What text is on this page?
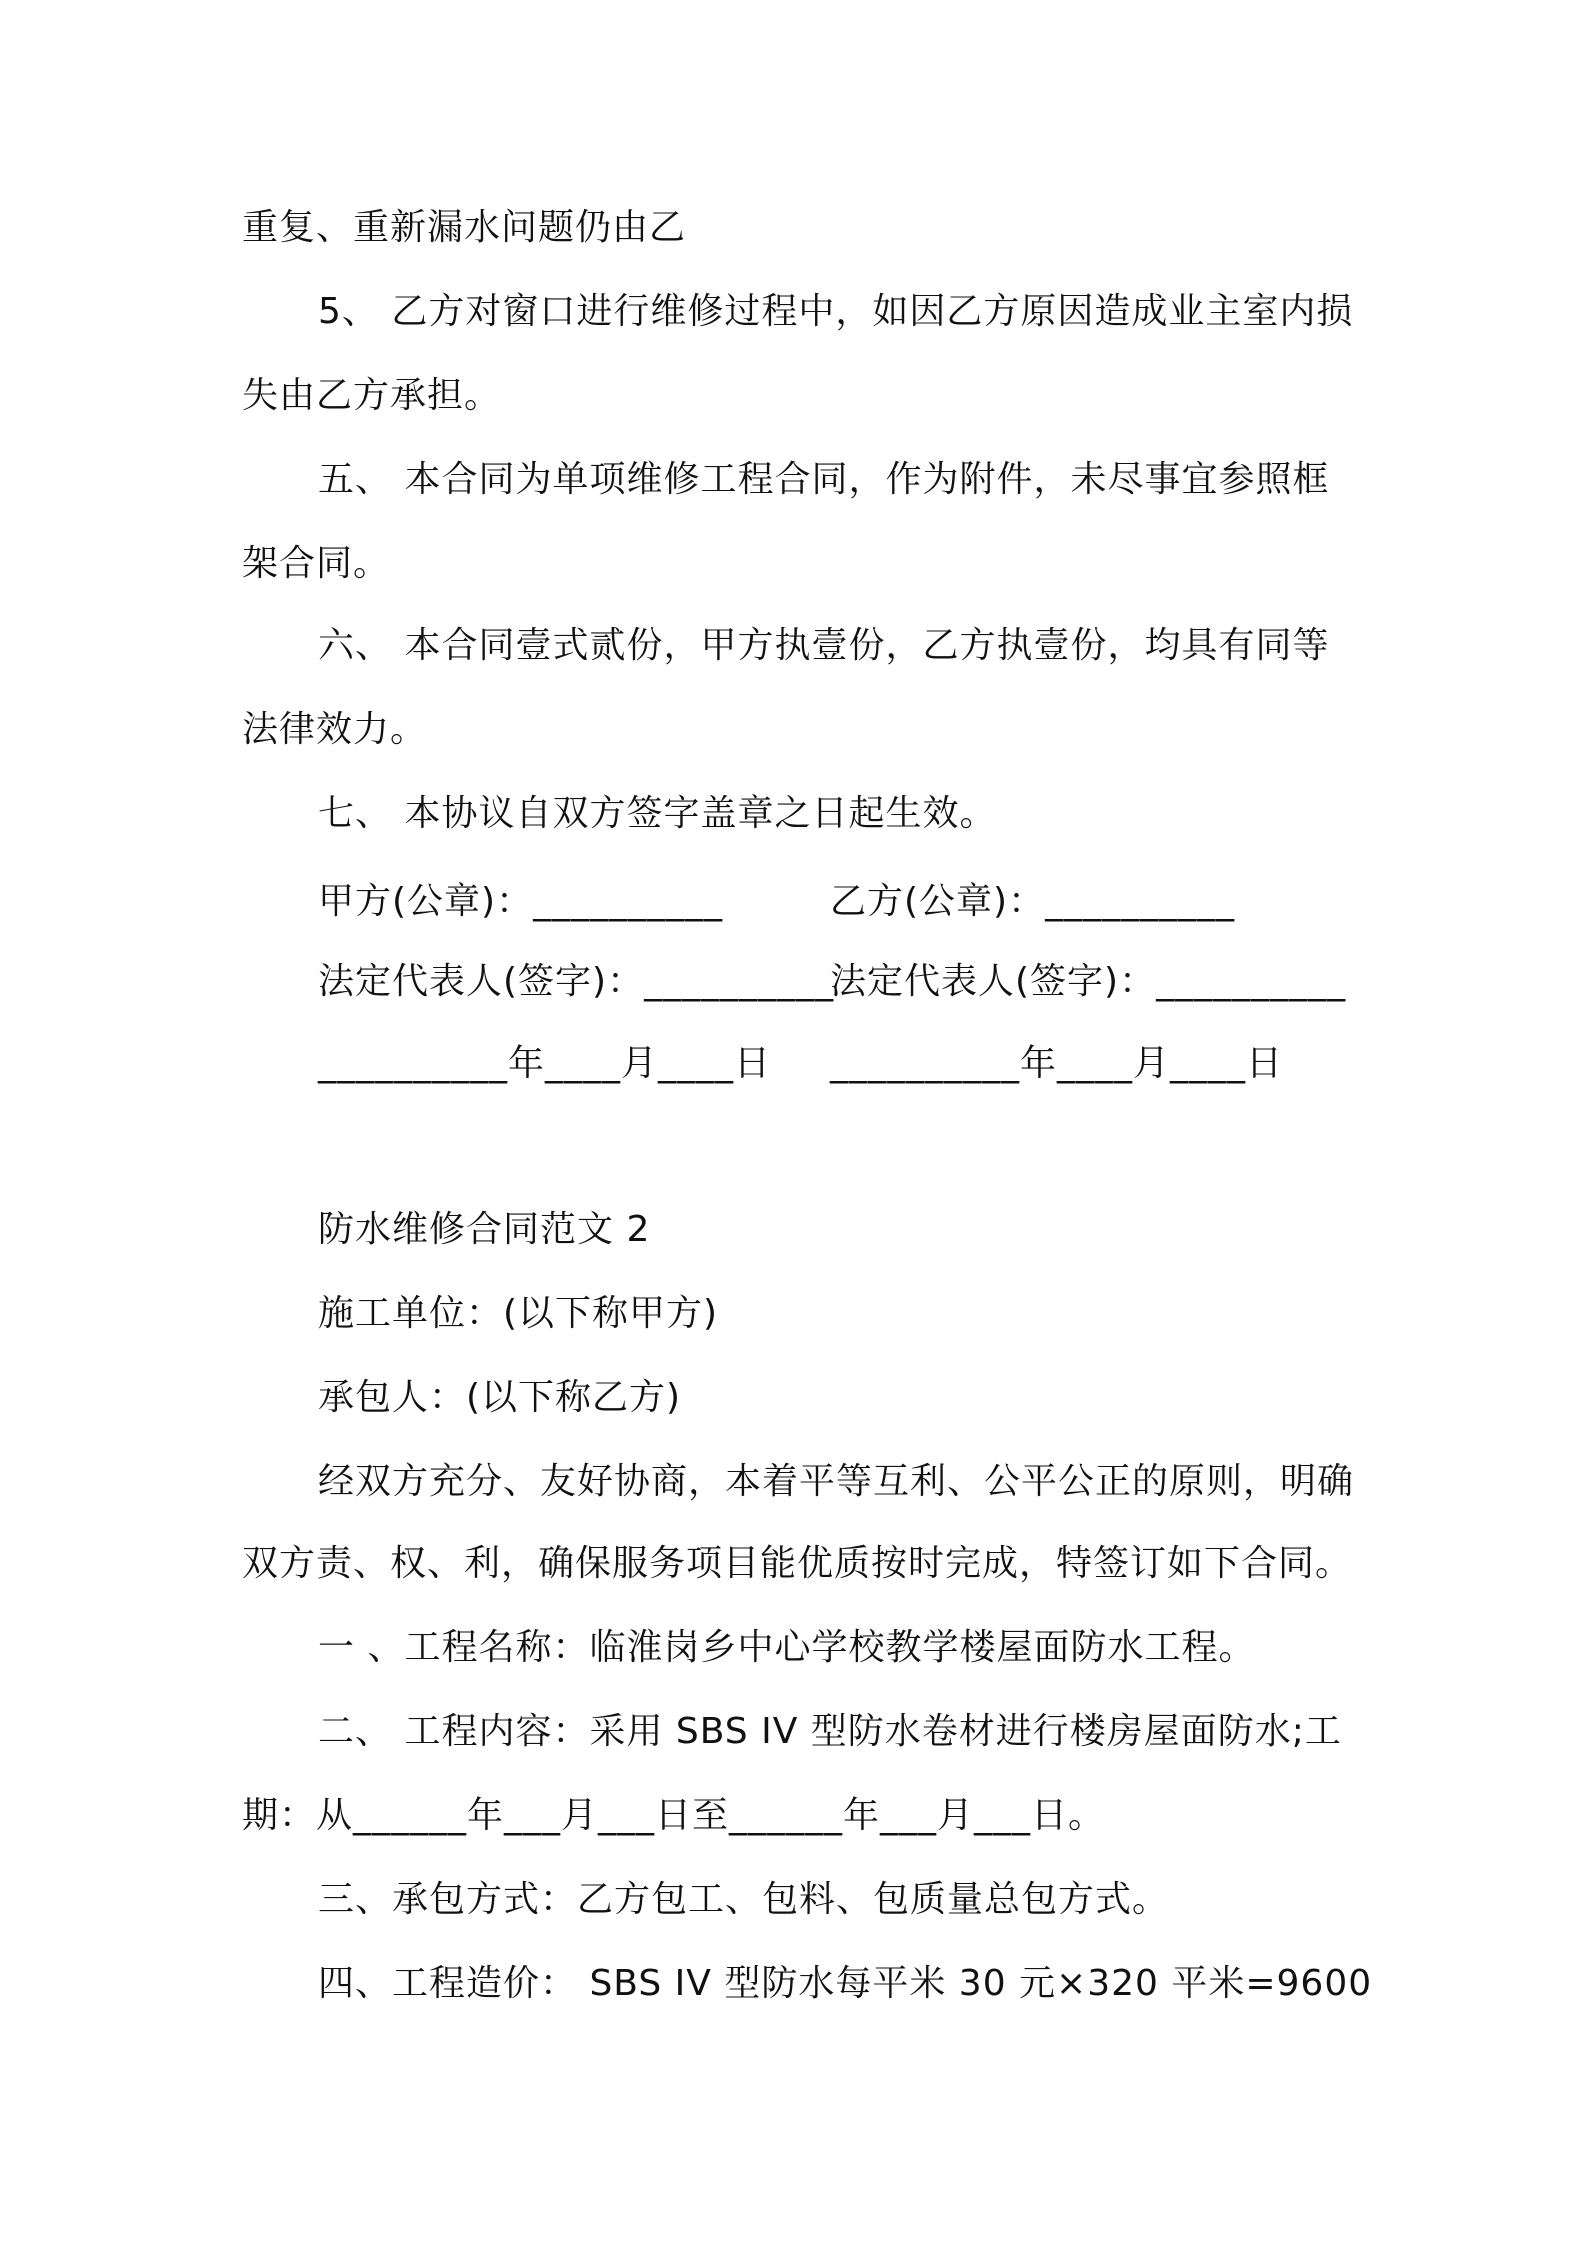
重复、重新漏水问题仍由乙
5、 乙方对窗口进行维修过程中，如因乙方原因造成业主室内损
失由乙方承担。
五、 本合同为单项维修工程合同，作为附件，未尽事宜参照框
架合同。
六、 本合同壹式贰份，甲方执壹份，乙方执壹份，均具有同等
法律效力。
七、 本协议自双方签字盖章之日起生效。
甲方(公章)：__________	乙方(公章)：__________
法定代表人(签字)：__________
法定代表人(签字)：__________
__________年____月____日 __________年____月____日
防水维修合同范文 2
施工单位：(以下称甲方)
承包人：(以下称乙方)
经双方充分、友好协商，本着平等互利、公平公正的原则，明确
双方责、权、利，确保服务项目能优质按时完成，特签订如下合同。
一 、工程名称：临淮岗乡中心学校教学楼屋面防水工程。
二、 工程内容：采用 SBS IV 型防水卷材进行楼房屋面防水;工
期：从______年___月___日至______年___月___日。
三、承包方式：乙方包工、包料、包质量总包方式。
四、工程造价： SBS IV 型防水每平米 30 元×320 平米=9600
